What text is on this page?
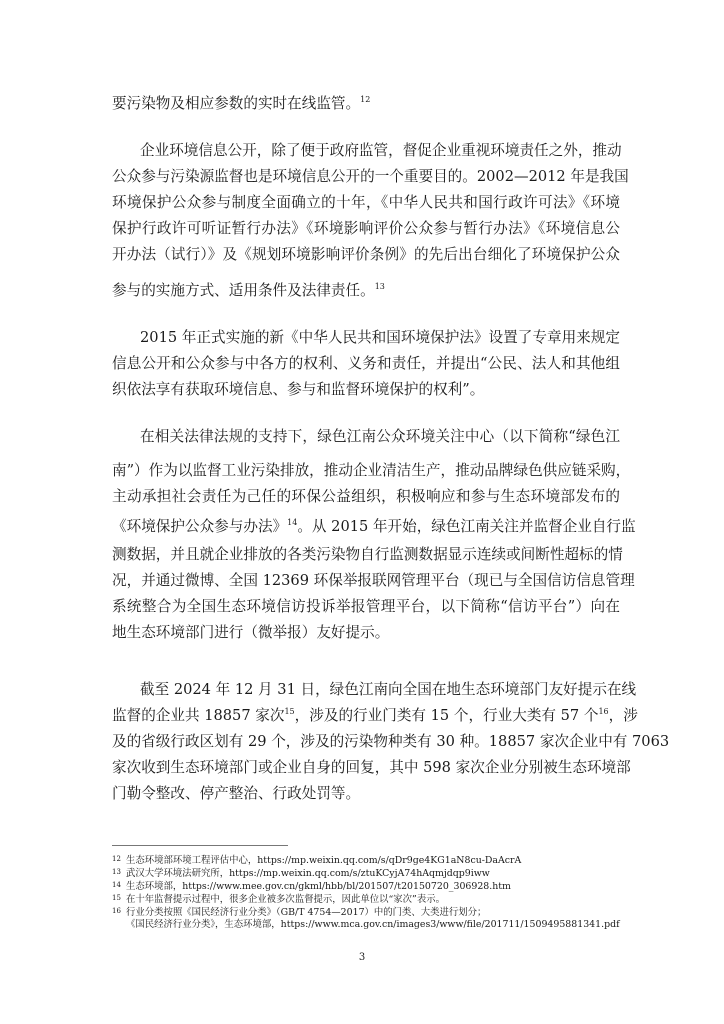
要污染物及相应参数的实时在线监管。$^{12}$
企业环境信息公开，除了便于政府监管，督促企业重视环境责任之外，推动
公众参与污染源监督也是环境信息公开的一个重要目的。2002—2012 年是我国
环境保护公众参与制度全面确立的十年，《中华人民共和国行政许可法》《环境
保护行政许可听证暂行办法》《环境影响评价公众参与暂行办法》《环境信息公
开办法（试行）》及《规划环境影响评价条例》的先后出台细化了环境保护公众
参与的实施方式、适用条件及法律责任。$^{13}$
2015 年正式实施的新《中华人民共和国环境保护法》设置了专章用来规定
信息公开和公众参与中各方的权利、义务和责任，并提出“公民、法人和其他组
织依法享有获取环境信息、参与和监督环境保护的权利”。
在相关法律法规的支持下，绿色江南公众环境关注中心（以下简称“绿色江
南”）作为以监督工业污染排放，推动企业清洁生产，推动品牌绿色供应链采购，
主动承担社会责任为己任的环保公益组织，积极响应和参与生态环境部发布的
《环境保护公众参与办法》$^{14}$。从 2015 年开始，绿色江南关注并监督企业自行监
测数据，并且就企业排放的各类污染物自行监测数据显示连续或间断性超标的情
况，并通过微博、全国 12369 环保举报联网管理平台（现已与全国信访信息管理
系统整合为全国生态环境信访投诉举报管理平台，以下简称“信访平台”）向在
地生态环境部门进行（微举报）友好提示。
截至 2024 年 12 月 31 日，绿色江南向全国在地生态环境部门友好提示在线
监督的企业共 18857 家次$^{15}$，涉及的行业门类有 15 个，行业大类有 57 个$^{16}$，涉
及的省级行政区划有 29 个，涉及的污染物种类有 30 种。18857 家次企业中有 7063
家次收到生态环境部门或企业自身的回复，其中 598 家次企业分别被生态环境部
门勒令整改、停产整治、行政处罚等。
12 生态环境部环境工程评估中心，https://mp.weixin.qq.com/s/qDr9ge4KG1aN8cu-DaAcrA
13 武汉大学环境法研究所，https://mp.weixin.qq.com/s/ztuKCyjA74hAqmjdqp9iww
14 生态环境部，https://www.mee.gov.cn/gkml/hbb/bl/201507/t20150720_306928.htm
15 在十年监督提示过程中，很多企业被多次监督提示，因此单位以“家次”表示。
16 行业分类按照《国民经济行业分类》（GB/T 4754—2017）中的门类、大类进行划分；
《国民经济行业分类》，生态环境部，https://www.mca.gov.cn/images3/www/file/201711/1509495881341.pdf
3
